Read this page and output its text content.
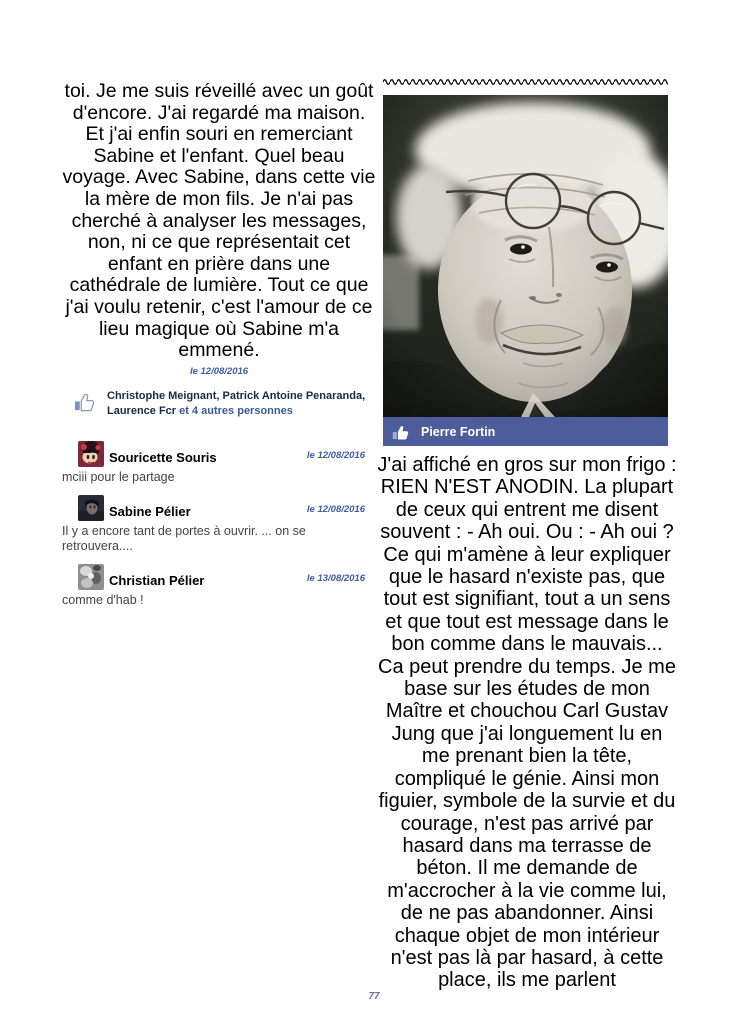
toi. Je me suis réveillé avec un goût d'encore. J'ai regardé ma maison. Et j'ai enfin souri en remerciant Sabine et l'enfant. Quel beau voyage. Avec Sabine, dans cette vie la mère de mon fils. Je n'ai pas cherché à analyser les messages, non, ni ce que représentait cet enfant en prière dans une cathédrale de lumière. Tout ce que j'ai voulu retenir, c'est l'amour de ce lieu magique où Sabine m'a emmené.
le 12/08/2016
Christophe Meignant, Patrick Antoine Penaranda, Laurence Fcr et 4 autres personnes
Souricette Souris	le 12/08/2016
mciii pour le partage
Sabine Pélier	le 12/08/2016
Il y a encore tant de portes à ouvrir. ... on se retrouvera....
Christian Pélier	le 13/08/2016
comme d'hab !
Pierre Fortin
J'ai affiché en gros sur mon frigo : RIEN N'EST ANODIN. La plupart de ceux qui entrent me disent souvent : - Ah oui. Ou : - Ah oui ? Ce qui m'amène à leur expliquer que le hasard n'existe pas, que tout est signifiant, tout a un sens et que tout est message dans le bon comme dans le mauvais... Ca peut prendre du temps. Je me base sur les études de mon Maître et chouchou Carl Gustav Jung que j'ai longuement lu en me prenant bien la tête, compliqué le génie. Ainsi mon figuier, symbole de la survie et du courage, n'est pas arrivé par hasard dans ma terrasse de béton. Il me demande de m'accrocher à la vie comme lui, de ne pas abandonner. Ainsi chaque objet de mon intérieur n'est pas là par hasard, à cette place, ils me parlent
77
